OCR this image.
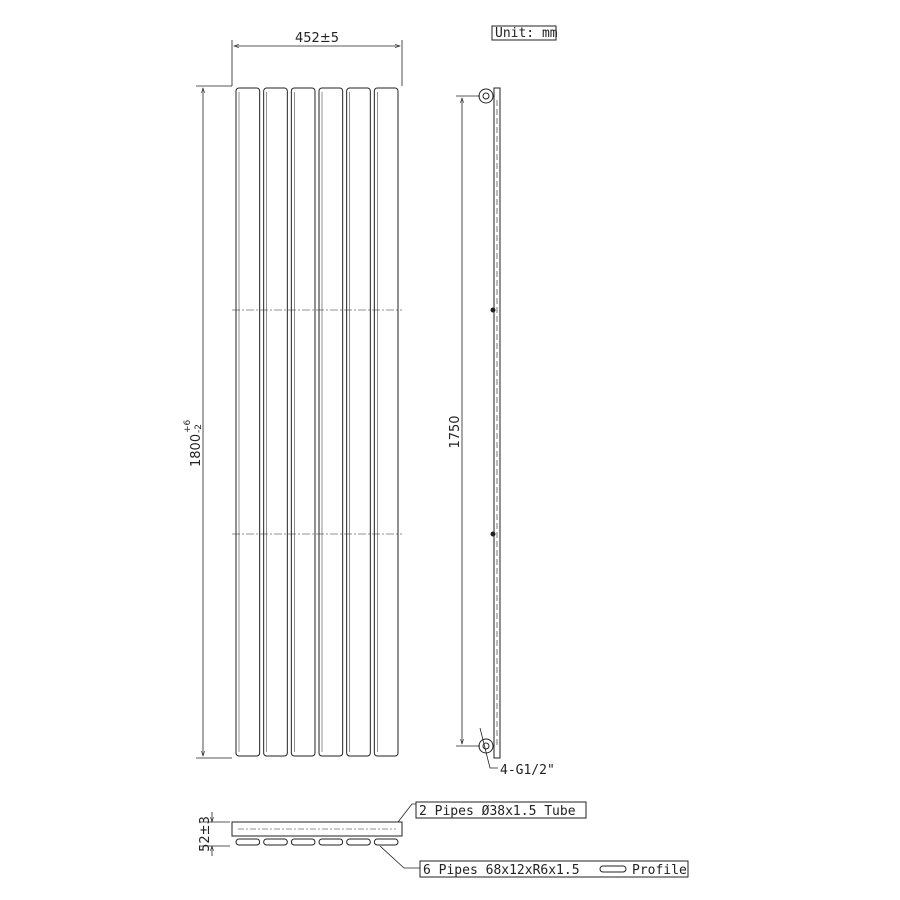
Unit: mm
452±5
1800
+6 -2	1750
4-G1/2"
52±3
2 Pipes Ø38x1.5 Tube
6 Pipes 68x12xR6x1.5	Profile
